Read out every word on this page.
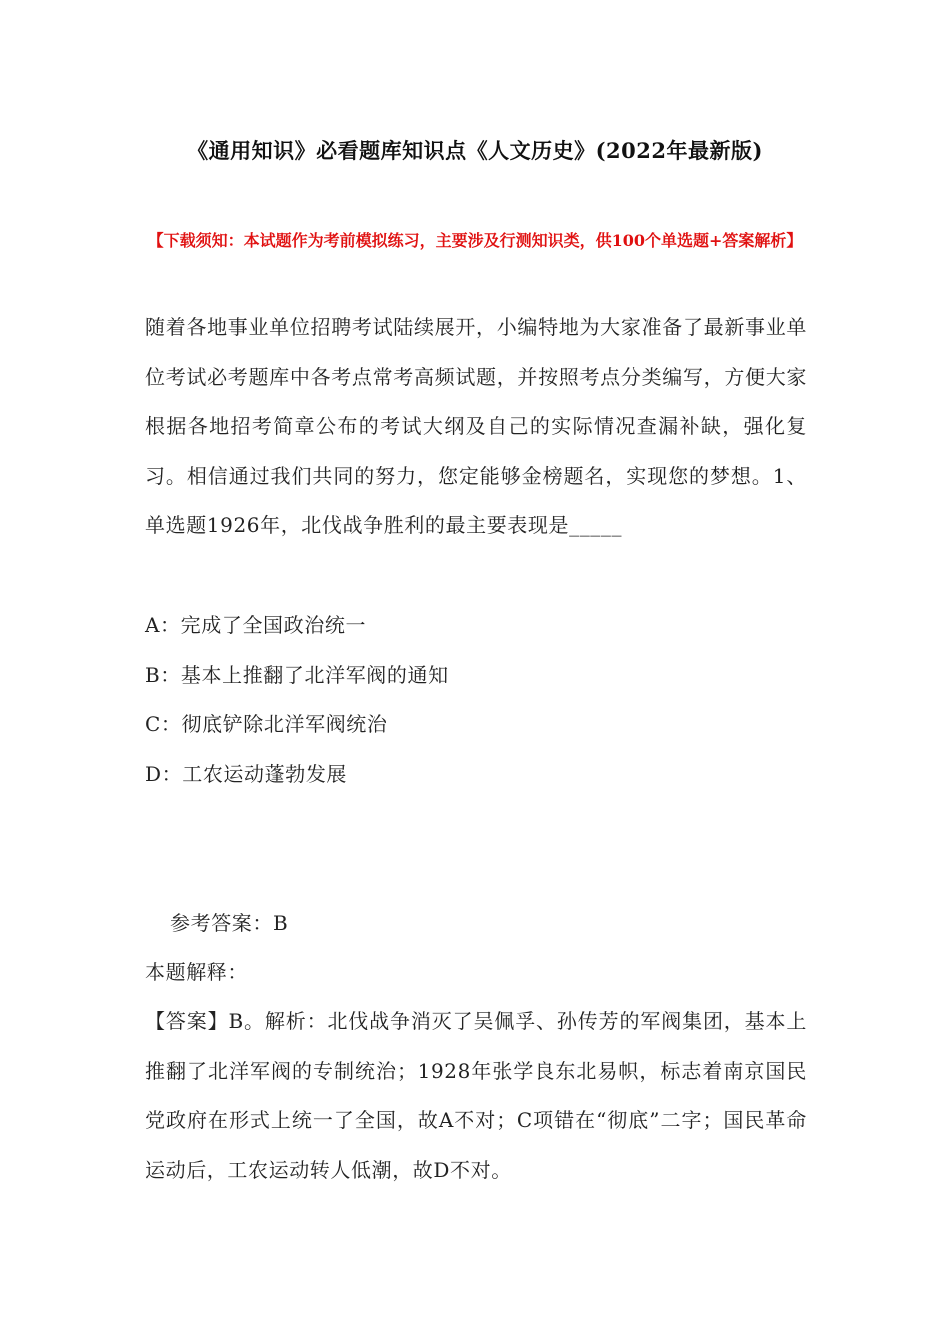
《通用知识》必看题库知识点《人文历史》(2022年最新版)
【下载须知：本试题作为考前模拟练习，主要涉及行测知识类，供100个单选题+答案解析】
随着各地事业单位招聘考试陆续展开，小编特地为大家准备了最新事业单位考试必考题库中各考点常考高频试题，并按照考点分类编写，方便大家根据各地招考简章公布的考试大纲及自己的实际情况查漏补缺，强化复习。相信通过我们共同的努力，您定能够金榜题名，实现您的梦想。1、单选题1926年，北伐战争胜利的最主要表现是_____
A：完成了全国政治统一
B：基本上推翻了北洋军阀的通知
C：彻底铲除北洋军阀统治
D：工农运动蓬勃发展
参考答案：B
本题解释：
【答案】B。解析：北伐战争消灭了吴佩孚、孙传芳的军阀集团，基本上推翻了北洋军阀的专制统治；1928年张学良东北易帜，标志着南京国民党政府在形式上统一了全国，故A不对；C项错在“彻底”二字；国民革命运动后，工农运动转人低潮，故D不对。
